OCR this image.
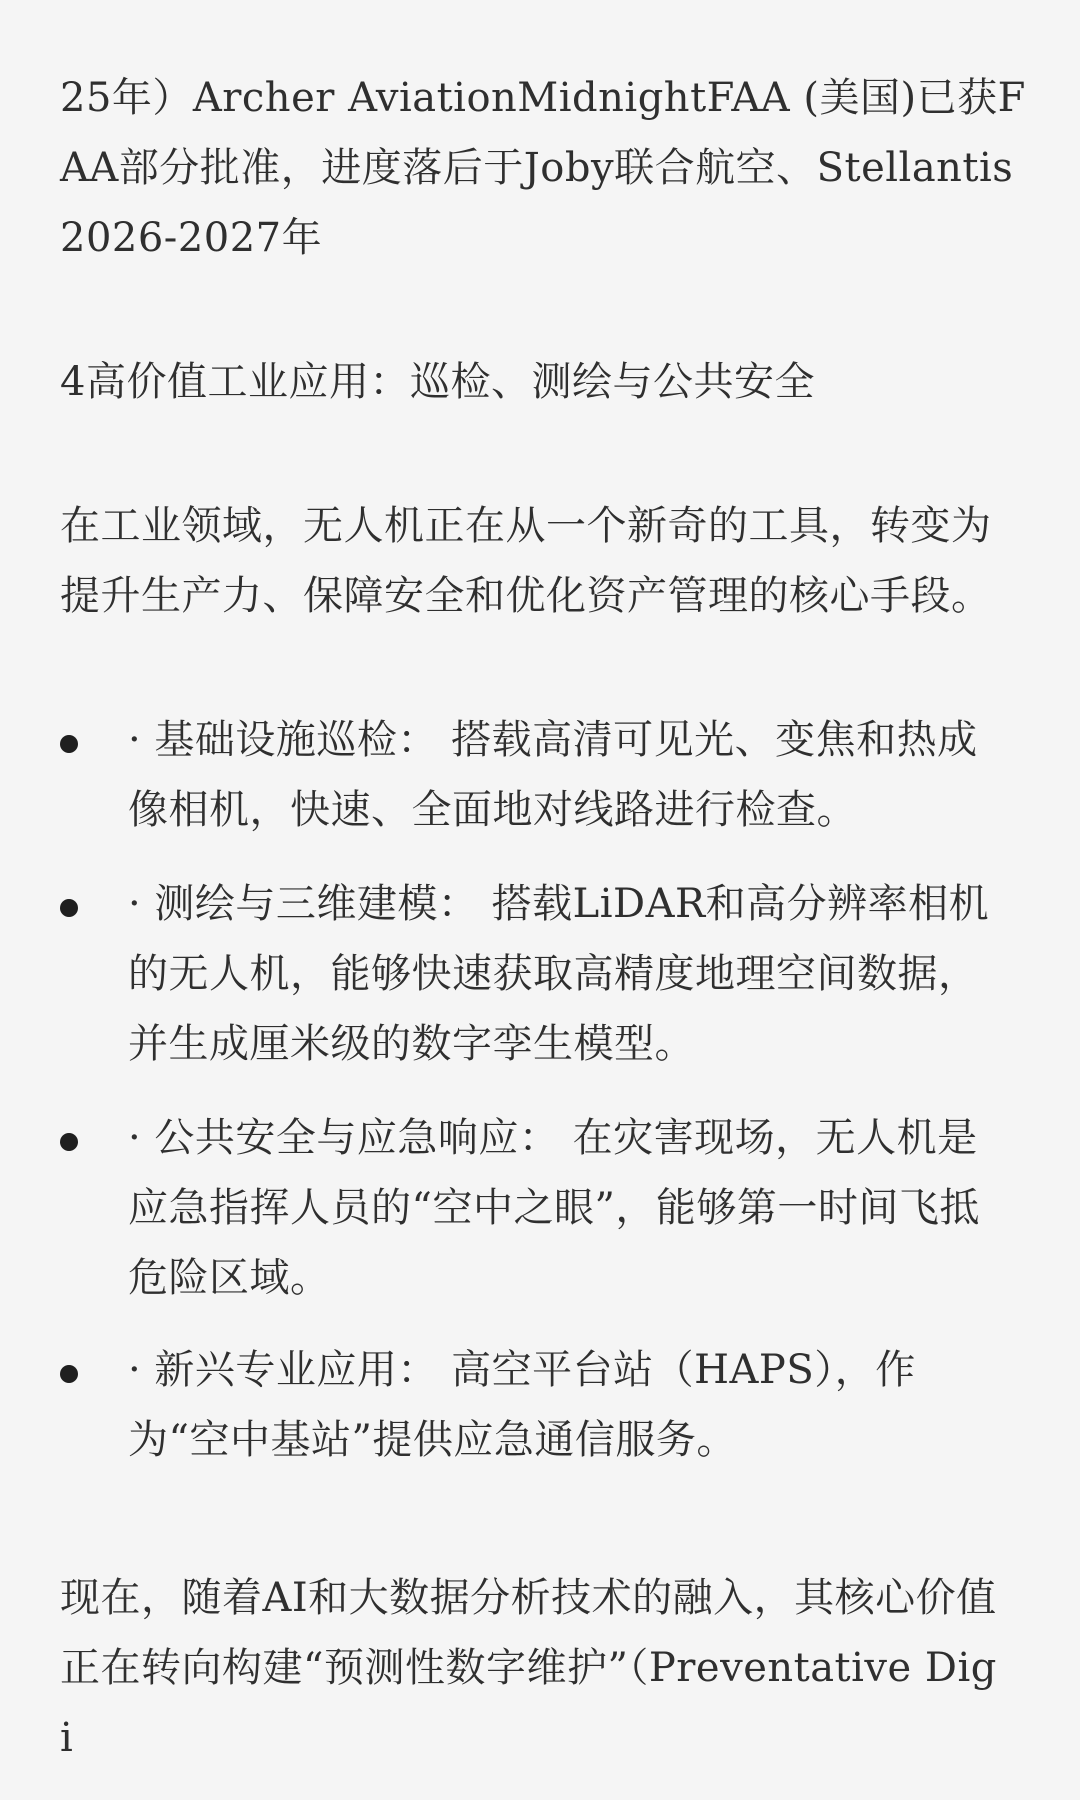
25年）Archer AviationMidnightFAA (美国)已获F
AA部分批准，进度落后于Joby联合航空、Stellantis
2026-2027年
4高价值工业应用：巡检、测绘与公共安全
在工业领域，无人机正在从一个新奇的工具，转变为
提升生产力、保障安全和优化资产管理的核心手段。
· 基础设施巡检： 搭载高清可见光、变焦和热成
像相机，快速、全面地对线路进行检查。
· 测绘与三维建模： 搭载LiDAR和高分辨率相机
的无人机，能够快速获取高精度地理空间数据，
并生成厘米级的数字孪生模型。
· 公共安全与应急响应： 在灾害现场，无人机是
应急指挥人员的“空中之眼”，能够第一时间飞抵
危险区域。
· 新兴专业应用： 高空平台站（HAPS），作
为“空中基站”提供应急通信服务。
现在，随着AI和大数据分析技术的融入，其核心价值
正在转向构建“预测性数字维护”（Preventative Dig
i
